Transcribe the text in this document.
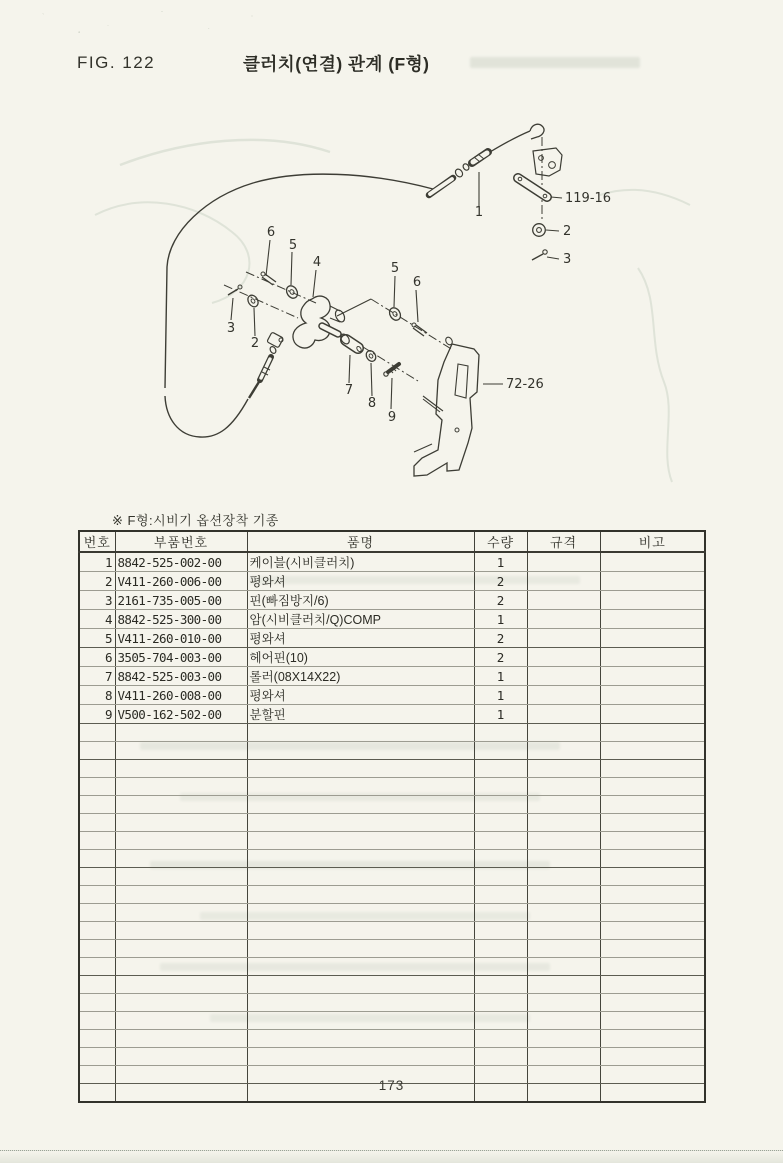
FIG. 122	클러치(연결) 관계 (F형)
1
119-16
2
3
6
5
4	5
6
3
2
7
8
9
72-26
※ F형:시비기 옵션장착 기종
번호	부품번호	품명	수량	규격	비고
1	8842-525-002-00	케이블(시비클러치)	1		
2	V411-260-006-00	평와셔	2		
3	2161-735-005-00	핀(빠짐방지/6)	2		
4	8842-525-300-00	암(시비클러치/Q)COMP	1		
5	V411-260-010-00	평와셔	2		
6	3505-704-003-00	헤어핀(10)	2		
7	8842-525-003-00	롤러(08X14X22)	1		
8	V411-260-008-00	평와셔	1		
9	V500-162-502-00	분할핀	1		

173
